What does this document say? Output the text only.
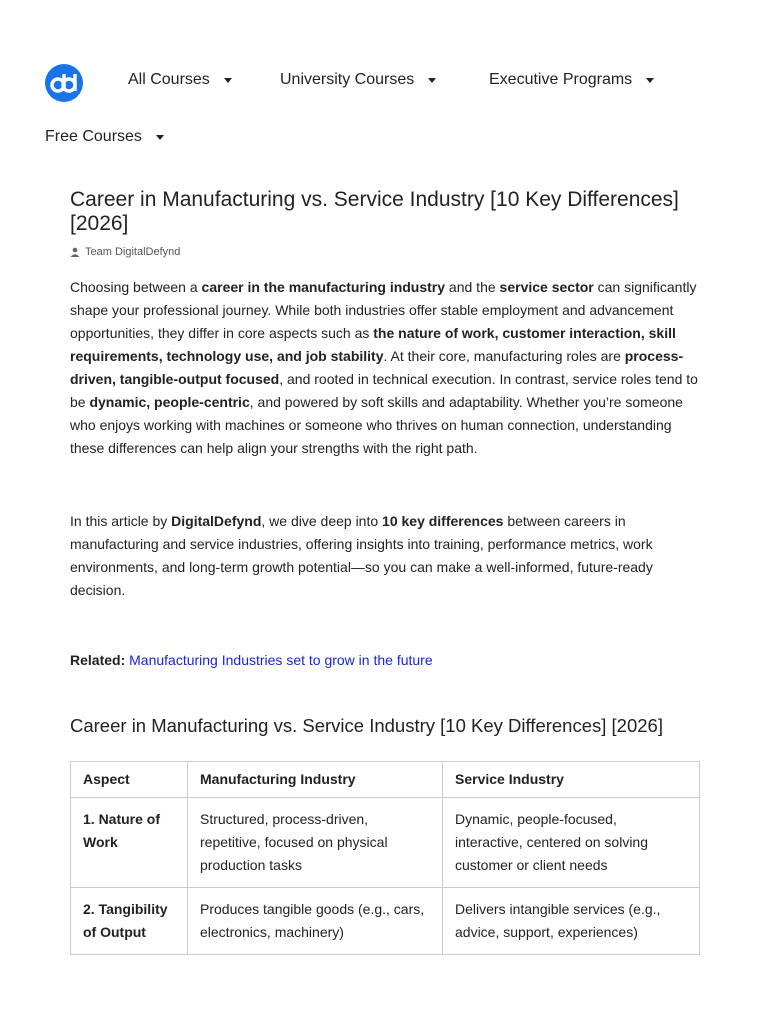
All Courses	University Courses	Executive Programs
Free Courses
Career in Manufacturing vs. Service Industry [10 Key Differences] [2026]
Team DigitalDefynd

Choosing between a career in the manufacturing industry and the service sector can significantly shape your professional journey. While both industries offer stable employment and advancement opportunities, they differ in core aspects such as the nature of work, customer interaction, skill requirements, technology use, and job stability. At their core, manufacturing roles are process-driven, tangible-output focused, and rooted in technical execution. In contrast, service roles tend to be dynamic, people-centric, and powered by soft skills and adaptability. Whether you’re someone who enjoys working with machines or someone who thrives on human connection, understanding these differences can help align your strengths with the right path.

In this article by DigitalDefynd, we dive deep into 10 key differences between careers in manufacturing and service industries, offering insights into training, performance metrics, work environments, and long-term growth potential—so you can make a well-informed, future-ready decision.

Related: Manufacturing Industries set to grow in the future
Career in Manufacturing vs. Service Industry [10 Key Differences] [2026]
Aspect	Manufacturing Industry	Service Industry
1. Nature of Work	Structured, process-driven, repetitive, focused on physical production tasks	Dynamic, people-focused, interactive, centered on solving customer or client needs
2. Tangibility of Output	Produces tangible goods (e.g., cars, electronics, machinery)	Delivers intangible services (e.g., advice, support, experiences)
